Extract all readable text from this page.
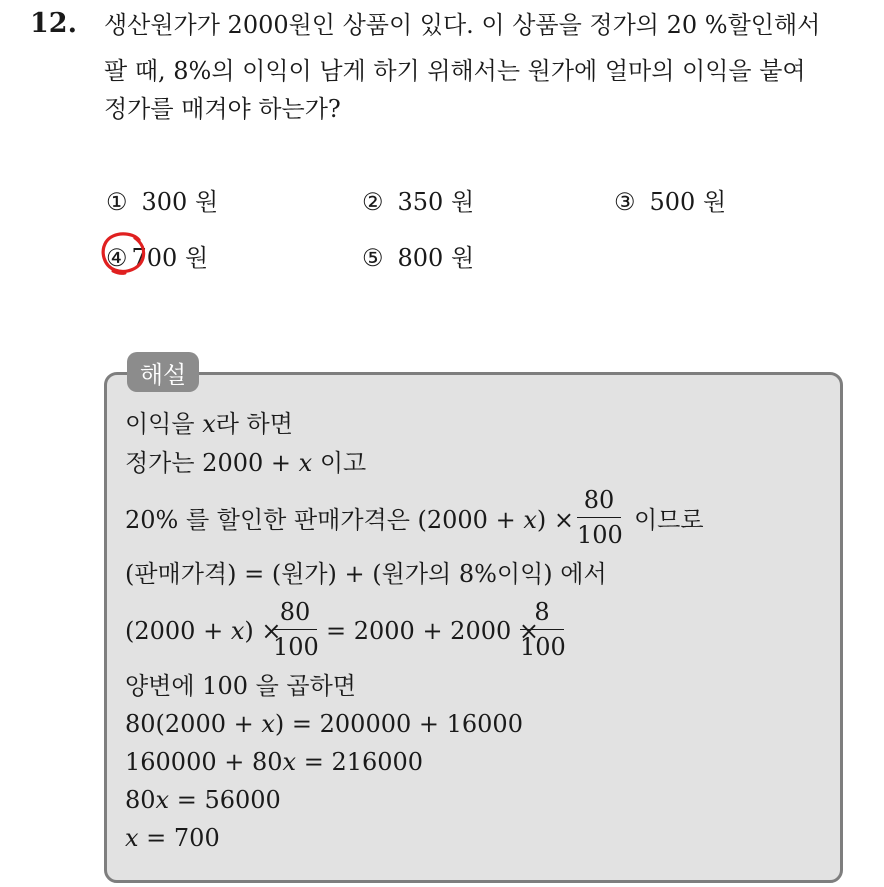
12. 생산원가가 2000원인 상품이 있다. 이 상품을 정가의 20 %할인해서
팔 때, 8%의 이익이 남게 하기 위해서는 원가에 얼마의 이익을 붙여
정가를 매겨야 하는가?
① 300 원	② 350 원	③ 500 원
④ 700 원	⑤ 800 원
해설
이익을 x라 하면
정가는 2000 + x 이고
20% 를 할인한 판매가격은 $(2000 + x) \times \frac{80}{100}$ 이므로
(판매가격) = (원가) + (원가의 8%이익) 에서
(2000 + x) ×
$\frac{80}{100} = 2000 + 2000$ ×
$\frac{8}{100}$
양변에 100 을 곱하면
80(2000 + x) = 200000 + 16000
160000 + 80x = 216000
80x = 56000
x = 700
